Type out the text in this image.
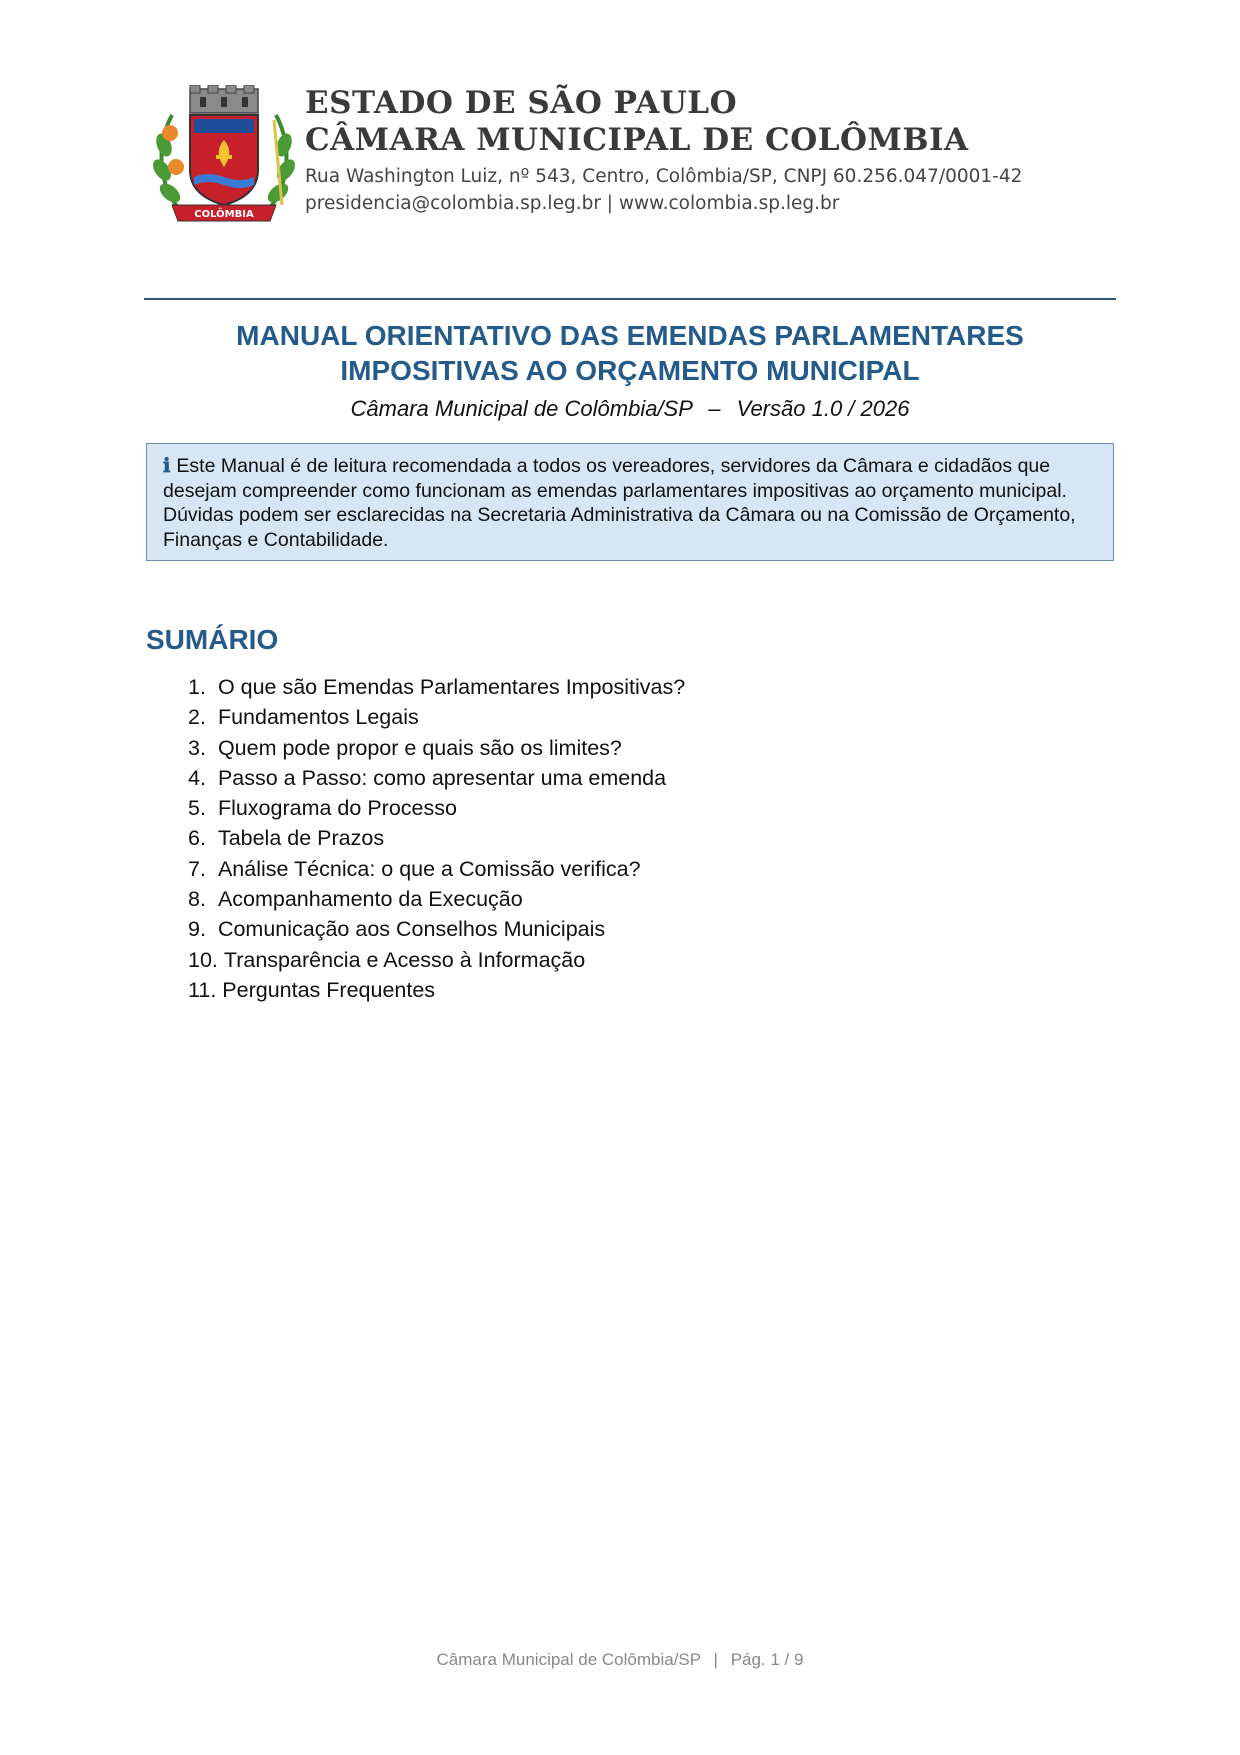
COLÔMBIA
ESTADO DE SÃO PAULO
CÂMARA MUNICIPAL DE COLÔMBIA
Rua Washington Luiz, nº 543, Centro, Colômbia/SP, CNPJ 60.256.047/0001-42
presidencia@colombia.sp.leg.br | www.colombia.sp.leg.br
MANUAL ORIENTATIVO DAS EMENDAS PARLAMENTARES
IMPOSITIVAS AO ORÇAMENTO MUNICIPAL
Câmara Municipal de Colômbia/SP – Versão 1.0 / 2026
ℹ Este Manual é de leitura recomendada a todos os vereadores, servidores da Câmara e cidadãos que desejam compreender como funcionam as emendas parlamentares impositivas ao orçamento municipal. Dúvidas podem ser esclarecidas na Secretaria Administrativa da Câmara ou na Comissão de Orçamento, Finanças e Contabilidade.
SUMÁRIO
1. O que são Emendas Parlamentares Impositivas?
2. Fundamentos Legais
3. Quem pode propor e quais são os limites?
4. Passo a Passo: como apresentar uma emenda
5. Fluxograma do Processo
6. Tabela de Prazos
7. Análise Técnica: o que a Comissão verifica?
8. Acompanhamento da Execução
9. Comunicação aos Conselhos Municipais
10. Transparência e Acesso à Informação
11. Perguntas Frequentes
Câmara Municipal de Colômbia/SP | Pág. 1 / 9
